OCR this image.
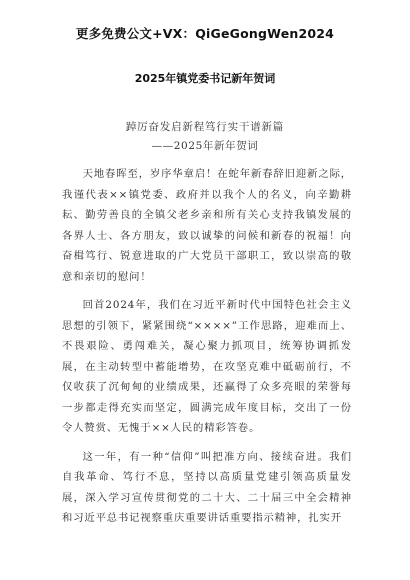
更多免费公文+VX：QiGeGongWen2024
2025年镇党委书记新年贺词
踔厉奋发启新程笃行实干谱新篇
——2025年新年贺词

天地春晖至，岁序华章启！在蛇年新春辞旧迎新之际，我谨代表××镇党委、政府并以我个人的名义，向辛勤耕耘、勤劳善良的全镇父老乡亲和所有关心支持我镇发展的各界人士、各方朋友，致以诚挚的问候和新春的祝福！向奋楫笃行、锐意进取的广大党员干部职工，致以崇高的敬意和亲切的慰问！

回首2024年，我们在习近平新时代中国特色社会主义思想的引领下，紧紧围绕“××××”工作思路，迎难而上、不畏艰险、勇闯难关，凝心聚力抓项目，统筹协调抓发展，在主动转型中蓄能增势，在攻坚克难中砥砺前行，不仅收获了沉甸甸的业绩成果，还赢得了众多亮眼的荣誉每一步都走得充实而坚定，圆满完成年度目标，交出了一份令人赞赏、无愧于××人民的精彩答卷。

这一年，有一种“信仰”叫把准方向、接续奋进。我们自我革命、笃行不息，坚持以高质量党建引领高质量发展，深入学习宣传贯彻党的二十大、二十届三中全会精神和习近平总书记视察重庆重要讲话重要指示精神，扎实开
